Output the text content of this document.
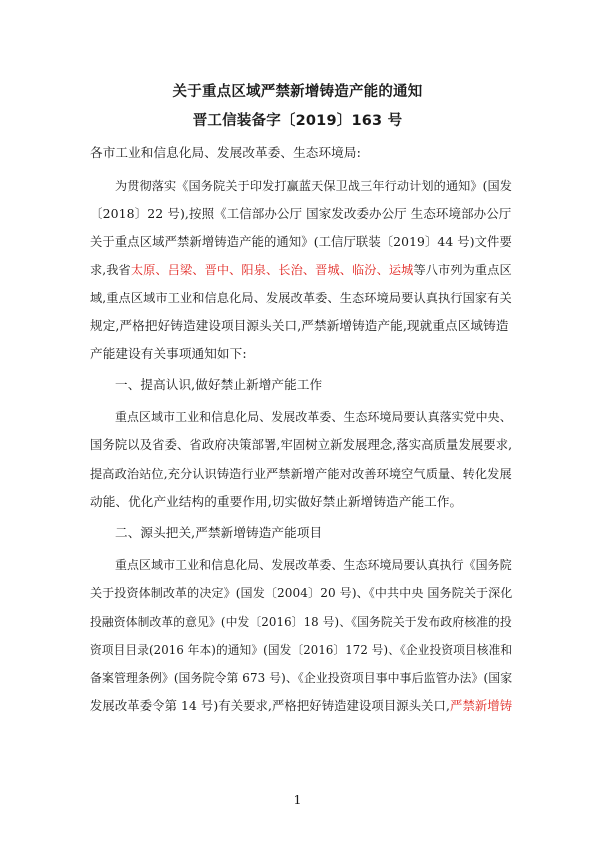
关于重点区域严禁新增铸造产能的通知
晋工信装备字〔2019〕163 号
各市工业和信息化局、发展改革委、生态环境局:
为贯彻落实《国务院关于印发打赢蓝天保卫战三年行动计划的通知》(国发
〔2018〕22 号),按照《工信部办公厅 国家发改委办公厅 生态环境部办公厅
关于重点区域严禁新增铸造产能的通知》(工信厅联装〔2019〕44 号)文件要
求,我省太原、吕梁、晋中、阳泉、长治、晋城、临汾、运城等八市列为重点区
域,重点区域市工业和信息化局、发展改革委、生态环境局要认真执行国家有关
规定,严格把好铸造建设项目源头关口,严禁新增铸造产能,现就重点区域铸造
产能建设有关事项通知如下:
一、提高认识,做好禁止新增产能工作
重点区域市工业和信息化局、发展改革委、生态环境局要认真落实党中央、
国务院以及省委、省政府决策部署,牢固树立新发展理念,落实高质量发展要求,
提高政治站位,充分认识铸造行业严禁新增产能对改善环境空气质量、转化发展
动能、优化产业结构的重要作用,切实做好禁止新增铸造产能工作。
二、源头把关,严禁新增铸造产能项目
重点区域市工业和信息化局、发展改革委、生态环境局要认真执行《国务院
关于投资体制改革的决定》(国发〔2004〕20 号)、《中共中央 国务院关于深化
投融资体制改革的意见》(中发〔2016〕18 号)、《国务院关于发布政府核准的投
资项目目录(2016 年本)的通知》(国发〔2016〕172 号)、《企业投资项目核准和
备案管理条例》(国务院令第 673 号)、《企业投资项目事中事后监管办法》(国家
发展改革委令第 14 号)有关要求,严格把好铸造建设项目源头关口,严禁新增铸
1
